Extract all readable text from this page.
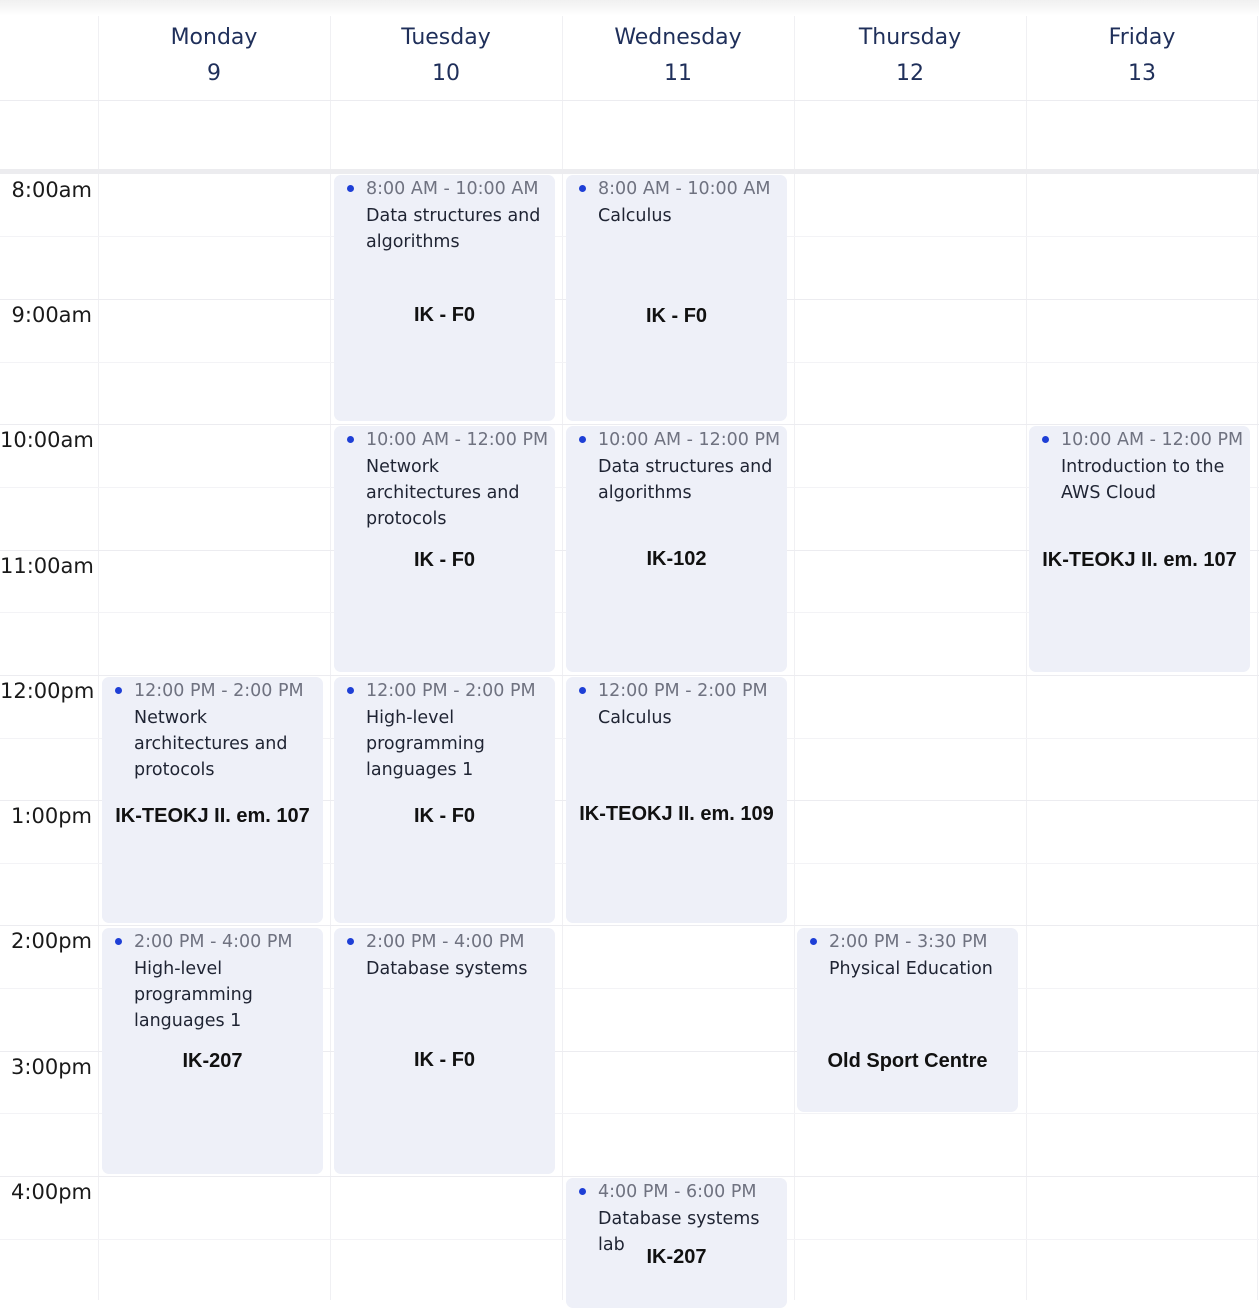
Monday
9
Tuesday
10
Wednesday
11
Thursday
12
Friday
13
8:00am
9:00am
10:00am
11:00am
12:00pm
1:00pm
2:00pm
3:00pm
4:00pm
8:00 AM - 10:00 AM
Data structures and algorithms
IK - F0
8:00 AM - 10:00 AM
Calculus
IK - F0
10:00 AM - 12:00 PM
Network architectures and protocols
IK - F0
10:00 AM - 12:00 PM
Data structures and algorithms
IK-102
10:00 AM - 12:00 PM
Introduction to the AWS Cloud
IK-TEOKJ II. em. 107
12:00 PM - 2:00 PM
Network architectures and protocols
IK-TEOKJ II. em. 107
12:00 PM - 2:00 PM
High-level programming languages 1
IK - F0
12:00 PM - 2:00 PM
Calculus
IK-TEOKJ II. em. 109
2:00 PM - 4:00 PM
High-level programming languages 1
IK-207
2:00 PM - 4:00 PM
Database systems
IK - F0
2:00 PM - 3:30 PM
Physical Education
Old Sport Centre
4:00 PM - 6:00 PM
Database systems lab
IK-207
